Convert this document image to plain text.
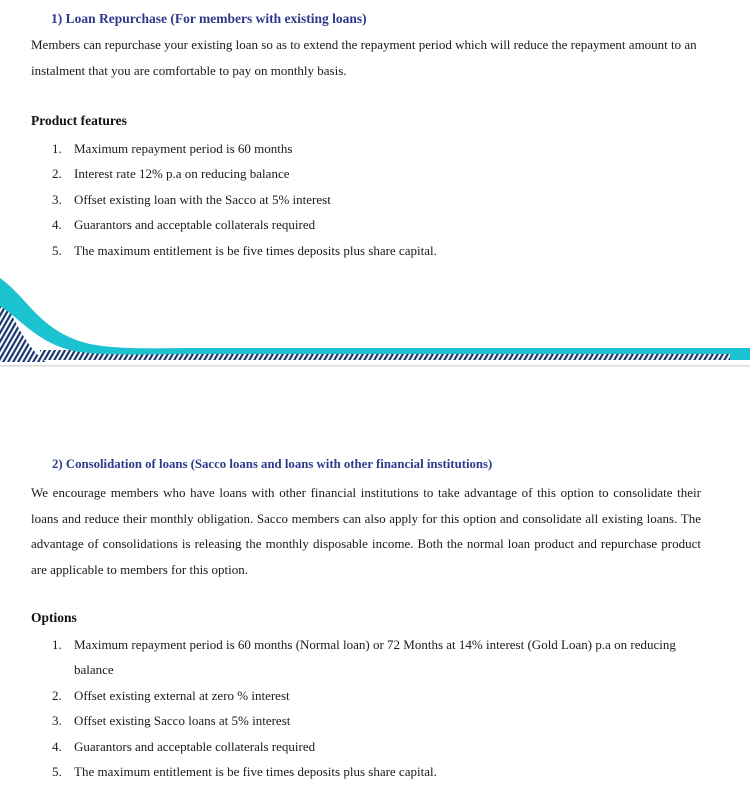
1) Loan Repurchase (For members with existing loans)

Members can repurchase your existing loan so as to extend the repayment period which will reduce the repayment amount to an instalment that you are comfortable to pay on monthly basis.

Product features
1. Maximum repayment period is 60 months
2. Interest rate 12% p.a on reducing balance
3. Offset existing loan with the Sacco at 5% interest
4. Guarantors and acceptable collaterals required
5. The maximum entitlement is be five times deposits plus share capital.
2) Consolidation of loans (Sacco loans and loans with other financial institutions)

We encourage members who have loans with other financial institutions to take advantage of this option to consolidate their loans and reduce their monthly obligation. Sacco members can also apply for this option and consolidate all existing loans. The advantage of consolidations is releasing the monthly disposable income. Both the normal loan product and repurchase product are applicable to members for this option.

Options
1. Maximum repayment period is 60 months (Normal loan) or 72 Months at 14% interest (Gold Loan) p.a on reducing balance
2. Offset existing external at zero % interest
3. Offset existing Sacco loans at 5% interest
4. Guarantors and acceptable collaterals required
5. The maximum entitlement is be five times deposits plus share capital.
